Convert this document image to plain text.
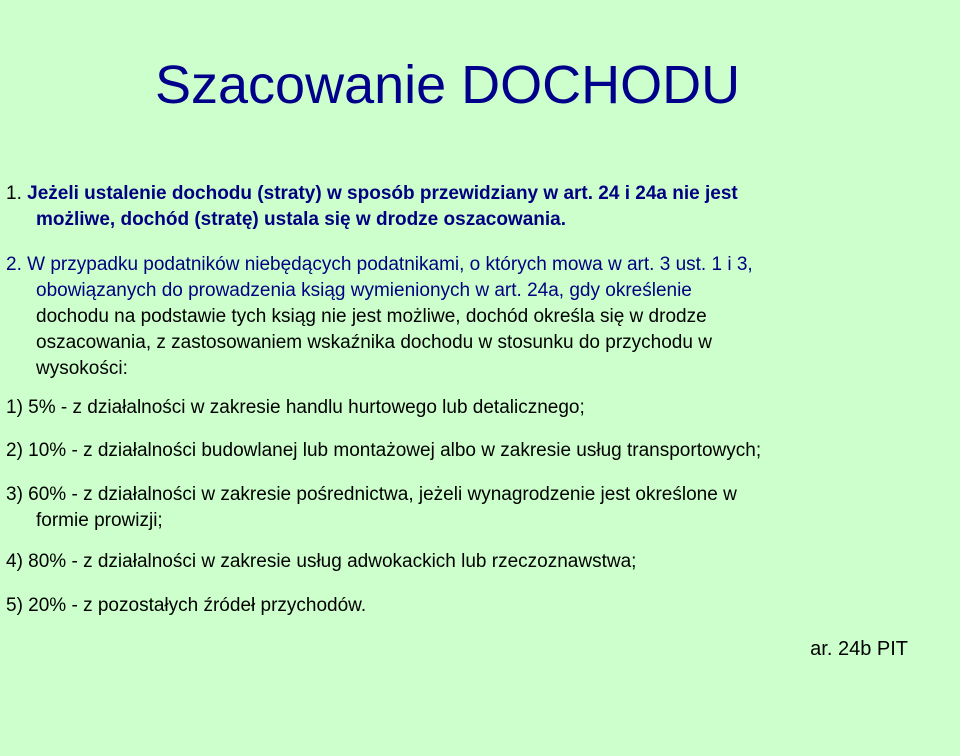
Szacowanie DOCHODU

1. Jeżeli ustalenie dochodu (straty) w sposób przewidziany w art. 24 i 24a nie jest
możliwe, dochód (stratę) ustala się w drodze oszacowania.

2. W przypadku podatników niebędących podatnikami, o których mowa w art. 3 ust. 1 i 3,
obowiązanych do prowadzenia ksiąg wymienionych w art. 24a, gdy określenie
dochodu na podstawie tych ksiąg nie jest możliwe, dochód określa się w drodze
oszacowania, z zastosowaniem wskaźnika dochodu w stosunku do przychodu w
wysokości:

1) 5% - z działalności w zakresie handlu hurtowego lub detalicznego;

2) 10% - z działalności budowlanej lub montażowej albo w zakresie usług transportowych;

3) 60% - z działalności w zakresie pośrednictwa, jeżeli wynagrodzenie jest określone w
formie prowizji;

4) 80% - z działalności w zakresie usług adwokackich lub rzeczoznawstwa;

5) 20% - z pozostałych źródeł przychodów.

ar. 24b PIT
